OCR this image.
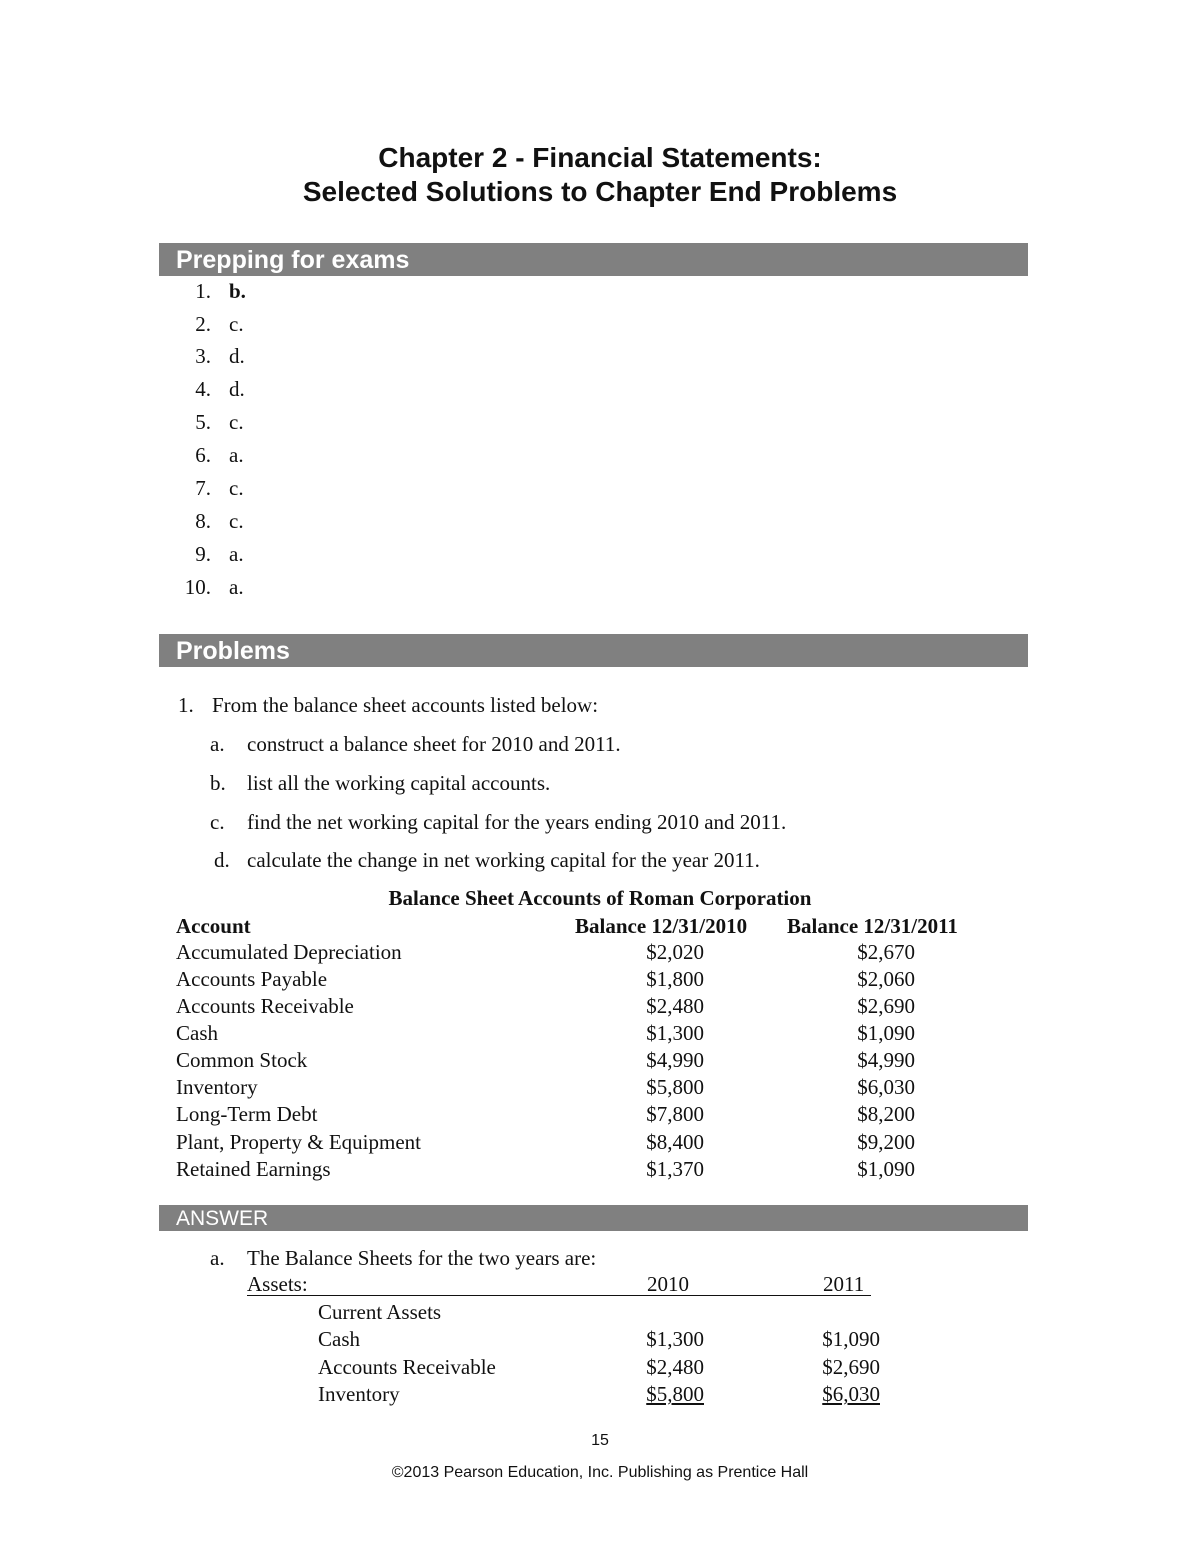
Chapter 2 - Financial Statements:
Selected Solutions to Chapter End Problems
Prepping for exams
1. b.
2. c.
3. d.
4. d.
5. c.
6. a.
7. c.
8. c.
9. a.
10. a.
Problems
1. From the balance sheet accounts listed below:
a. construct a balance sheet for 2010 and 2011.
b. list all the working capital accounts.
c. find the net working capital for the years ending 2010 and 2011.
d. calculate the change in net working capital for the year 2011.
Balance Sheet Accounts of Roman Corporation
Account	Balance 12/31/2010 Balance 12/31/2011
Accumulated Depreciation	$2,020	$2,670
Accounts Payable	$1,800	$2,060
Accounts Receivable	$2,480	$2,690
Cash	$1,300	$1,090
Common Stock	$4,990	$4,990
Inventory	$5,800	$6,030
Long-Term Debt	$7,800	$8,200
Plant, Property & Equipment	$8,400	$9,200
Retained Earnings	$1,370	$1,090
ANSWER
a. The Balance Sheets for the two years are:
Assets:	2010	2011
Current Assets
Cash	$1,300	$1,090
Accounts Receivable	$2,480	$2,690
Inventory	$5,800	$6,030
15
©2013 Pearson Education, Inc. Publishing as Prentice Hall
